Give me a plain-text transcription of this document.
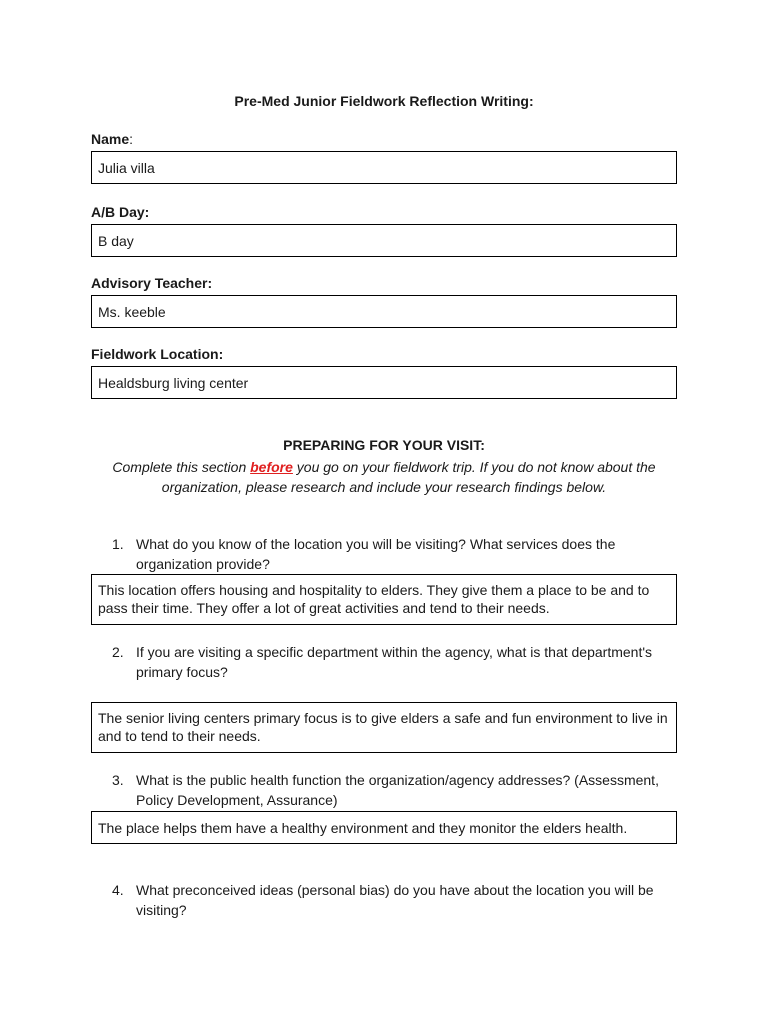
Pre-Med Junior Fieldwork Reflection Writing:
Name:
Julia villa
A/B Day:
B day
Advisory Teacher:
Ms. keeble
Fieldwork Location:
Healdsburg living center
PREPARING FOR YOUR VISIT:
Complete this section before you go on your fieldwork trip. If you do not know about the organization, please research and include your research findings below.
1. What do you know of the location you will be visiting? What services does the organization provide?
This location offers housing and hospitality to elders. They give them a place to be and to pass their time. They offer a lot of great activities and tend to their needs.
2. If you are visiting a specific department within the agency, what is that department's primary focus?
The senior living centers primary focus is to give elders a safe and fun environment to live in and to tend to their needs.
3. What is the public health function the organization/agency addresses? (Assessment, Policy Development, Assurance)
The place helps them have a healthy environment and they monitor the elders health.
4. What preconceived ideas (personal bias) do you have about the location you will be visiting?
